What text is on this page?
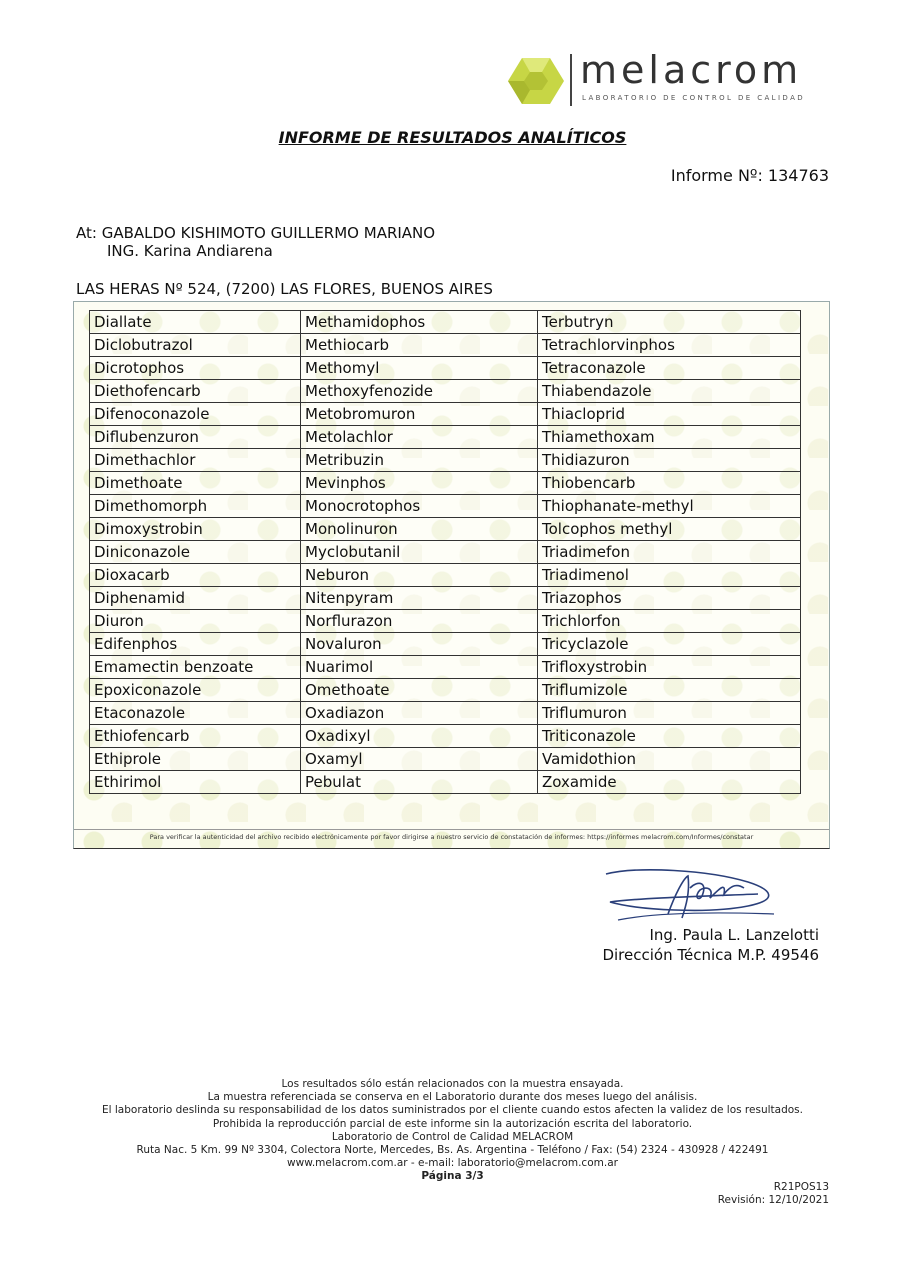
melacrom
LABORATORIO DE CONTROL DE CALIDAD
INFORME DE RESULTADOS ANALÍTICOS
Informe Nº: 134763
At: GABALDO KISHIMOTO GUILLERMO MARIANO
ING. Karina Andiarena
LAS HERAS Nº 524, (7200) LAS FLORES, BUENOS AIRES
Diallate	Methamidophos	Terbutryn
Diclobutrazol	Methiocarb	Tetrachlorvinphos
Dicrotophos	Methomyl	Tetraconazole
Diethofencarb	Methoxyfenozide	Thiabendazole
Difenoconazole	Metobromuron	Thiacloprid
Diflubenzuron	Metolachlor	Thiamethoxam
Dimethachlor	Metribuzin	Thidiazuron
Dimethoate	Mevinphos	Thiobencarb
Dimethomorph	Monocrotophos	Thiophanate-methyl
Dimoxystrobin	Monolinuron	Tolcophos methyl
Diniconazole	Myclobutanil	Triadimefon
Dioxacarb	Neburon	Triadimenol
Diphenamid	Nitenpyram	Triazophos
Diuron	Norflurazon	Trichlorfon
Edifenphos	Novaluron	Tricyclazole
Emamectin benzoate	Nuarimol	Trifloxystrobin
Epoxiconazole	Omethoate	Triflumizole
Etaconazole	Oxadiazon	Triflumuron
Ethiofencarb	Oxadixyl	Triticonazole
Ethiprole	Oxamyl	Vamidothion
Ethirimol	Pebulat	Zoxamide
Para verificar la autenticidad del archivo recibido electrónicamente por favor dirigirse a nuestro servicio de constatación de informes: https://informes melacrom.com/Informes/constatar
Ing. Paula L. Lanzelotti
Dirección Técnica M.P. 49546
Los resultados sólo están relacionados con la muestra ensayada.
La muestra referenciada se conserva en el Laboratorio durante dos meses luego del análisis.
El laboratorio deslinda su responsabilidad de los datos suministrados por el cliente cuando estos afecten la validez de los resultados.
Prohibida la reproducción parcial de este informe sin la autorización escrita del laboratorio.
Laboratorio de Control de Calidad MELACROM
Ruta Nac. 5 Km. 99 Nº 3304, Colectora Norte, Mercedes, Bs. As. Argentina - Teléfono / Fax: (54) 2324 - 430928 / 422491
www.melacrom.com.ar - e-mail: laboratorio@melacrom.com.ar
Página 3/3
R21POS13
Revisión: 12/10/2021
